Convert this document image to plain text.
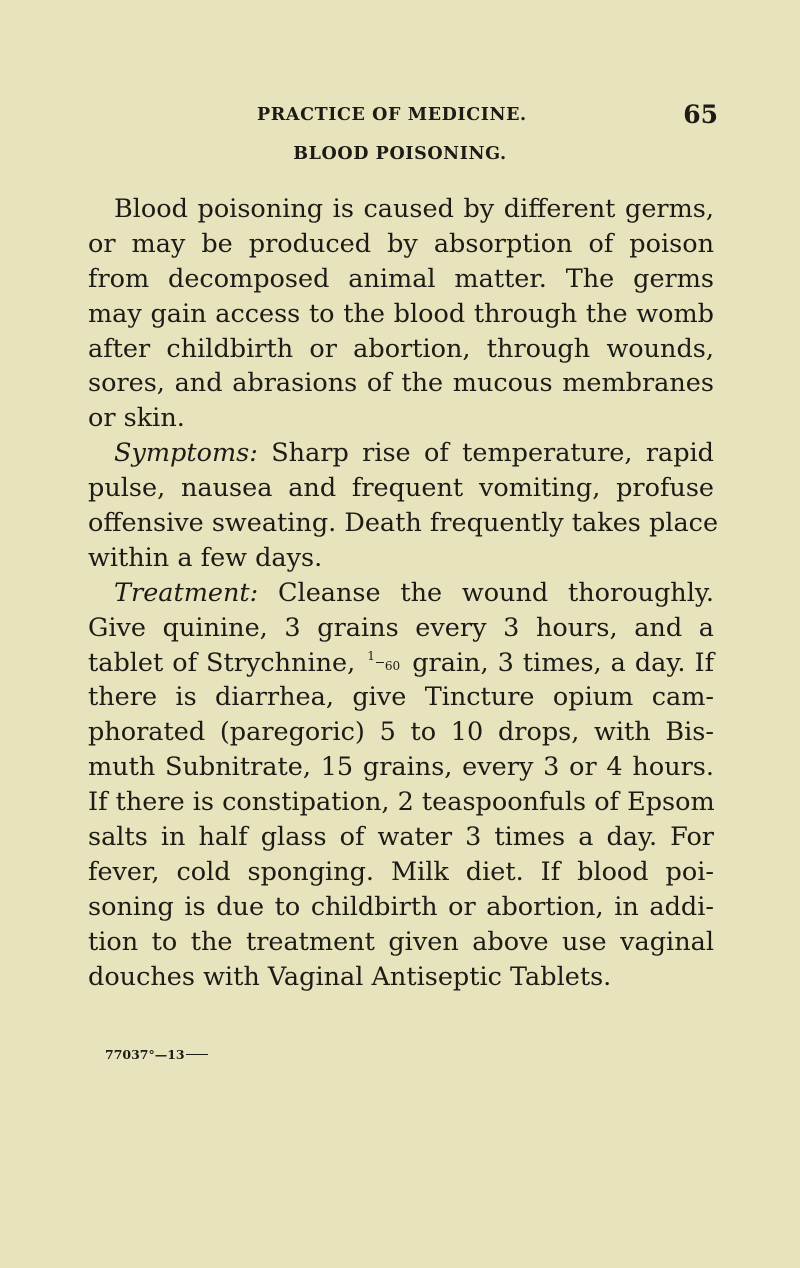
PRACTICE OF MEDICINE.	65
BLOOD POISONING.
Blood poisoning is caused by different germs,
or may be produced by absorption of poison
from decomposed animal matter. The germs
may gain access to the blood through the womb
after childbirth or abortion, through wounds,
sores, and abrasions of the mucous membranes
or skin.
Symptoms: Sharp rise of temperature, rapid
pulse, nausea and frequent vomiting, profuse
offensive sweating. Death frequently takes place
within a few days.
Treatment: Cleanse the wound thoroughly.
Give quinine, 3 grains every 3 hours, and a
tablet of Strychnine, 160 grain, 3 times, a day. If
there is diarrhea, give Tincture opium cam-
phorated (paregoric) 5 to 10 drops, with Bis-
muth Subnitrate, 15 grains, every 3 or 4 hours.
If there is constipation, 2 teaspoonfuls of Epsom
salts in half glass of water 3 times a day. For
fever, cold sponging. Milk diet. If blood poi-
soning is due to childbirth or abortion, in addi-
tion to the treatment given above use vaginal
douches with Vaginal Antiseptic Tablets.
77037°—13
